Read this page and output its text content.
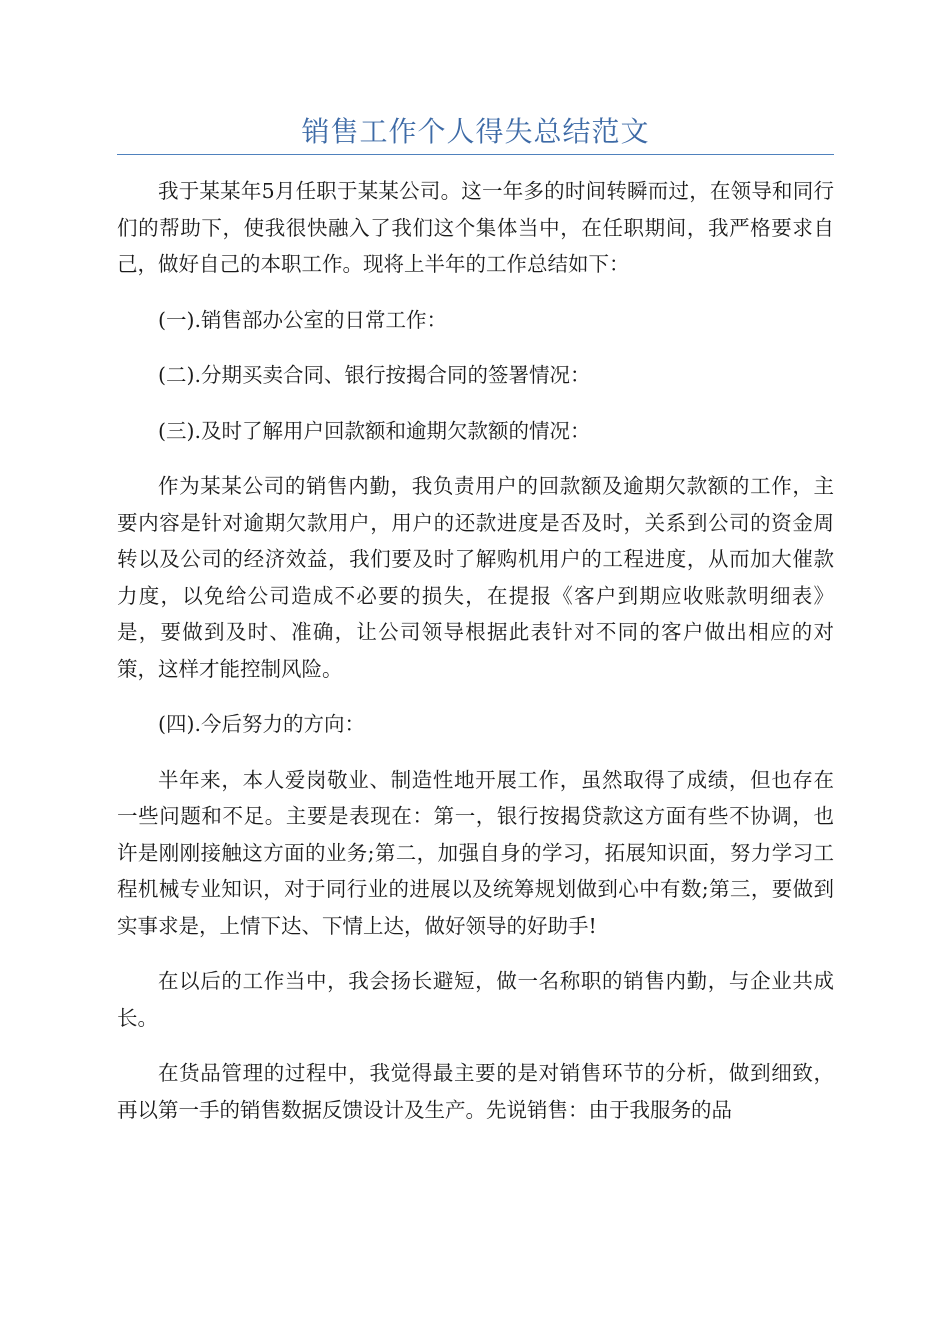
销售工作个人得失总结范文

我于某某年5月任职于某某公司。这一年多的时间转瞬而过，在领导和同行们的帮助下，使我很快融入了我们这个集体当中，在任职期间，我严格要求自己，做好自己的本职工作。现将上半年的工作总结如下：

(一).销售部办公室的日常工作：

(二).分期买卖合同、银行按揭合同的签署情况：

(三).及时了解用户回款额和逾期欠款额的情况：

作为某某公司的销售内勤，我负责用户的回款额及逾期欠款额的工作，主要内容是针对逾期欠款用户，用户的还款进度是否及时，关系到公司的资金周转以及公司的经济效益，我们要及时了解购机用户的工程进度，从而加大催款力度，以免给公司造成不必要的损失，在提报《客户到期应收账款明细表》是，要做到及时、准确，让公司领导根据此表针对不同的客户做出相应的对策，这样才能控制风险。

(四).今后努力的方向：

半年来，本人爱岗敬业、制造性地开展工作，虽然取得了成绩，但也存在一些问题和不足。主要是表现在：第一，银行按揭贷款这方面有些不协调，也许是刚刚接触这方面的业务;第二，加强自身的学习，拓展知识面，努力学习工程机械专业知识，对于同行业的进展以及统筹规划做到心中有数;第三，要做到实事求是，上情下达、下情上达，做好领导的好助手!

在以后的工作当中，我会扬长避短，做一名称职的销售内勤，与企业共成长。

在货品管理的过程中，我觉得最主要的是对销售环节的分析，做到细致，再以第一手的销售数据反馈设计及生产。先说销售：由于我服务的品
